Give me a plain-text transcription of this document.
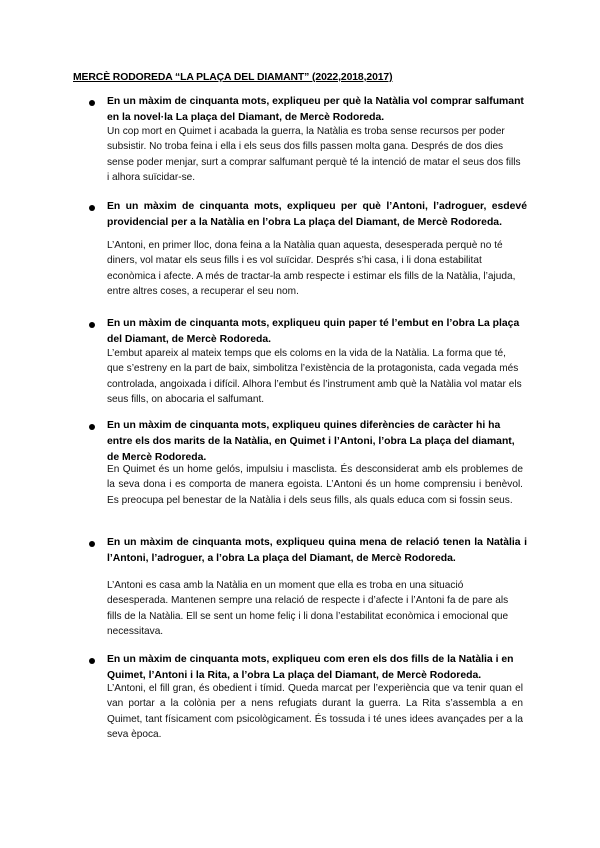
MERCÈ RODOREDA “LA PLAÇA DEL DIAMANT” (2022,2018,2017)

En un màxim de cinquanta mots, expliqueu per què la Natàlia vol comprar salfumant en la novel·la La plaça del Diamant, de Mercè Rodoreda.

Un cop mort en Quimet i acabada la guerra, la Natàlia es troba sense recursos per poder subsistir. No troba feina i ella i els seus dos fills passen molta gana. Després de dos dies sense poder menjar, surt a comprar salfumant perquè té la intenció de matar el seus dos fills i alhora suïcidar-se.

En un màxim de cinquanta mots, expliqueu per què l’Antoni, l’adroguer, esdevé providencial per a la Natàlia en l’obra La plaça del Diamant, de Mercè Rodoreda.

L’Antoni, en primer lloc, dona feina a la Natàlia quan aquesta, desesperada perquè no té diners, vol matar els seus fills i es vol suïcidar. Després s’hi casa, i li dona estabilitat econòmica i afecte. A més de tractar-la amb respecte i estimar els fills de la Natàlia, l’ajuda, entre altres coses, a recuperar el seu nom.

En un màxim de cinquanta mots, expliqueu quin paper té l’embut en l’obra La plaça del Diamant, de Mercè Rodoreda.

L’embut apareix al mateix temps que els coloms en la vida de la Natàlia. La forma que té, que s’estreny en la part de baix, simbolitza l’existència de la protagonista, cada vegada més controlada, angoixada i difícil. Alhora l’embut és l’instrument amb què la Natàlia vol matar els seus fills, on abocaria el salfumant.

En un màxim de cinquanta mots, expliqueu quines diferències de caràcter hi ha entre els dos marits de la Natàlia, en Quimet i l’Antoni, l’obra La plaça del diamant, de Mercè Rodoreda.

En Quimet és un home gelós, impulsiu i masclista. És desconsiderat amb els problemes de la seva dona i es comporta de manera egoista. L’Antoni és un home comprensiu i benèvol. Es preocupa pel benestar de la Natàlia i dels seus fills, als quals educa com si fossin seus.

En un màxim de cinquanta mots, expliqueu quina mena de relació tenen la Natàlia i l’Antoni, l’adroguer, a l’obra La plaça del Diamant, de Mercè Rodoreda.

L’Antoni es casa amb la Natàlia en un moment que ella es troba en una situació desesperada. Mantenen sempre una relació de respecte i d’afecte i l’Antoni fa de pare als fills de la Natàlia. Ell se sent un home feliç i li dona l’estabilitat econòmica i emocional que necessitava.

En un màxim de cinquanta mots, expliqueu com eren els dos fills de la Natàlia i en Quimet, l’Antoni i la Rita, a l’obra La plaça del Diamant, de Mercè Rodoreda.

L’Antoni, el fill gran, és obedient i tímid. Queda marcat per l’experiència que va tenir quan el van portar a la colònia per a nens refugiats durant la guerra. La Rita s’assembla a en Quimet, tant físicament com psicològicament. És tossuda i té unes idees avançades per a la seva època.
